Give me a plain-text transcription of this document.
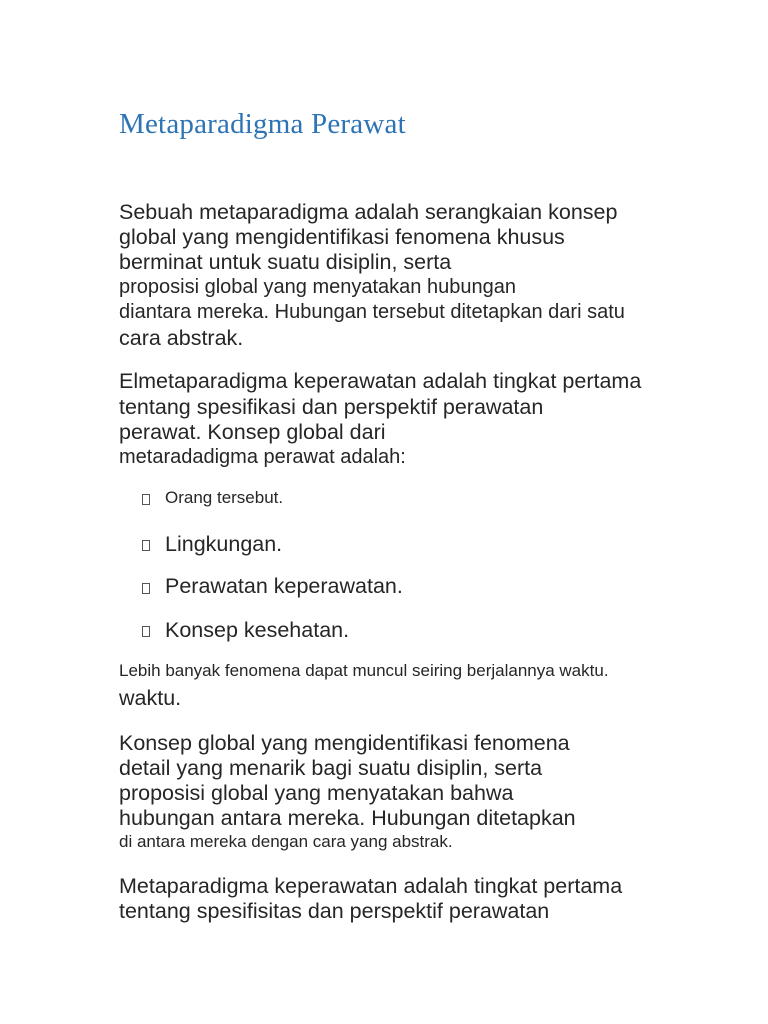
Metaparadigma Perawat
Sebuah metaparadigma adalah serangkaian konsep
global yang mengidentifikasi fenomena khusus
berminat untuk suatu disiplin, serta
proposisi global yang menyatakan hubungan
diantara mereka. Hubungan tersebut ditetapkan dari satu
cara abstrak.
Elmetaparadigma keperawatan adalah tingkat pertama
tentang spesifikasi dan perspektif perawatan
perawat. Konsep global dari
metaradadigma perawat adalah:
Orang tersebut.
Lingkungan.
Perawatan keperawatan.
Konsep kesehatan.
Lebih banyak fenomena dapat muncul seiring berjalannya waktu.
waktu.
Konsep global yang mengidentifikasi fenomena
detail yang menarik bagi suatu disiplin, serta
proposisi global yang menyatakan bahwa
hubungan antara mereka. Hubungan ditetapkan
di antara mereka dengan cara yang abstrak.
Metaparadigma keperawatan adalah tingkat pertama
tentang spesifisitas dan perspektif perawatan
